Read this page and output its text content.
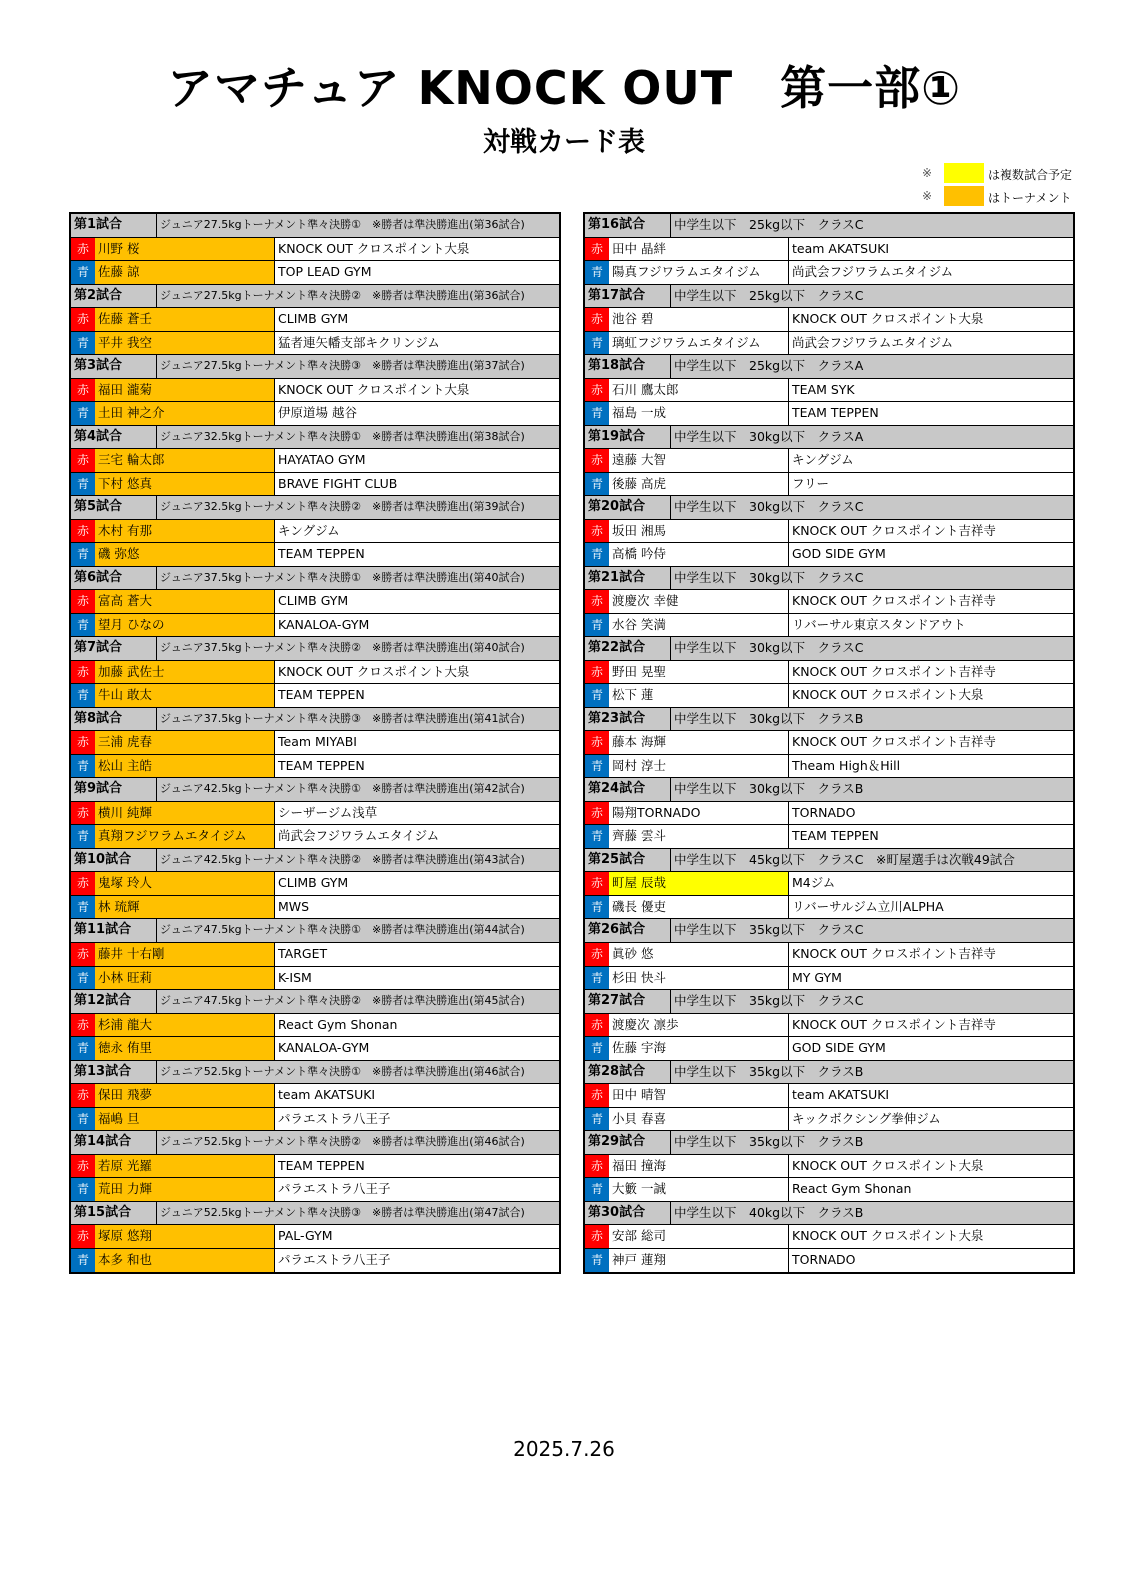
アマチュア KNOCK OUT　第一部①
対戦カード表
※	は複数試合予定
※	はトーナメント
第1試合	ジュニア27.5kgトーナメント準々決勝①　※勝者は準決勝進出(第36試合)
赤 川野 桜	KNOCK OUT クロスポイント大泉
青 佐藤 諒	TOP LEAD GYM
第2試合	ジュニア27.5kgトーナメント準々決勝②　※勝者は準決勝進出(第36試合)
赤 佐藤 蒼壬	CLIMB GYM
青 平井 我空	猛者連矢幡支部キクリンジム
第3試合	ジュニア27.5kgトーナメント準々決勝③　※勝者は準決勝進出(第37試合)
赤 福田 瀧菊	KNOCK OUT クロスポイント大泉
青 土田 神之介	伊原道場 越谷
第4試合	ジュニア32.5kgトーナメント準々決勝①　※勝者は準決勝進出(第38試合)
赤 三宅 輪太郎	HAYATAO GYM
青 下村 悠真	BRAVE FIGHT CLUB
第5試合	ジュニア32.5kgトーナメント準々決勝②　※勝者は準決勝進出(第39試合)
赤 木村 有那	キングジム
青 磯 弥悠	TEAM TEPPEN
第6試合	ジュニア37.5kgトーナメント準々決勝①　※勝者は準決勝進出(第40試合)
赤 富高 蒼大	CLIMB GYM
青 望月 ひなの	KANALOA-GYM
第7試合	ジュニア37.5kgトーナメント準々決勝②　※勝者は準決勝進出(第40試合)
赤 加藤 武佐士	KNOCK OUT クロスポイント大泉
青 牛山 敢太	TEAM TEPPEN
第8試合	ジュニア37.5kgトーナメント準々決勝③　※勝者は準決勝進出(第41試合)
赤 三浦 虎春	Team MIYABI
青 松山 主皓	TEAM TEPPEN
第9試合	ジュニア42.5kgトーナメント準々決勝①　※勝者は準決勝進出(第42試合)
赤 横川 純輝	シーザージム浅草
青 真翔フジワラムエタイジム	尚武会フジワラムエタイジム
第10試合	ジュニア42.5kgトーナメント準々決勝②　※勝者は準決勝進出(第43試合)
赤 鬼塚 玲人	CLIMB GYM
青 林 琉輝	MWS
第11試合	ジュニア47.5kgトーナメント準々決勝①　※勝者は準決勝進出(第44試合)
赤 藤井 十右剛	TARGET
青 小林 旺莉	K-ISM
第12試合	ジュニア47.5kgトーナメント準々決勝②　※勝者は準決勝進出(第45試合)
赤 杉浦 龍大	React Gym Shonan
青 徳永 侑里	KANALOA-GYM
第13試合	ジュニア52.5kgトーナメント準々決勝①　※勝者は準決勝進出(第46試合)
赤 保田 飛夢	team AKATSUKI
青 福嶋 旦	パラエストラ八王子
第14試合	ジュニア52.5kgトーナメント準々決勝②　※勝者は準決勝進出(第46試合)
赤 若原 光羅	TEAM TEPPEN
青 荒田 力輝	パラエストラ八王子
第15試合	ジュニア52.5kgトーナメント準々決勝③　※勝者は準決勝進出(第47試合)
赤 塚原 悠翔	PAL-GYM
青 本多 和也	パラエストラ八王子
第16試合	中学生以下　25kg以下　クラスC
赤 田中 晶絆	team AKATSUKI
青 陽真フジワラムエタイジム	尚武会フジワラムエタイジム
第17試合	中学生以下　25kg以下　クラスC
赤 池谷 碧	KNOCK OUT クロスポイント大泉
青 璃虹フジワラムエタイジム	尚武会フジワラムエタイジム
第18試合	中学生以下　25kg以下　クラスA
赤 石川 鷹太郎	TEAM SYK
青 福島 一成	TEAM TEPPEN
第19試合	中学生以下　30kg以下　クラスA
赤 遠藤 大智	キングジム
青 後藤 高虎	フリー
第20試合	中学生以下　30kg以下　クラスC
赤 坂田 湘馬	KNOCK OUT クロスポイント吉祥寺
青 高橋 吟侍	GOD SIDE GYM
第21試合	中学生以下　30kg以下　クラスC
赤 渡慶次 幸健	KNOCK OUT クロスポイント吉祥寺
青 水谷 笑満	リバーサル東京スタンドアウト
第22試合	中学生以下　30kg以下　クラスC
赤 野田 晃聖	KNOCK OUT クロスポイント吉祥寺
青 松下 蓮	KNOCK OUT クロスポイント大泉
第23試合	中学生以下　30kg以下　クラスB
赤 藤本 海輝	KNOCK OUT クロスポイント吉祥寺
青 岡村 淳士	Theam High＆Hill
第24試合	中学生以下　30kg以下　クラスB
赤 陽翔TORNADO	TORNADO
青 齊藤 雲斗	TEAM TEPPEN
第25試合	中学生以下　45kg以下　クラスC　※町屋選手は次戦49試合
赤 町屋 辰哉	M4ジム
青 磯長 優吏	リバーサルジム立川ALPHA
第26試合	中学生以下　35kg以下　クラスC
赤 眞砂 悠	KNOCK OUT クロスポイント吉祥寺
青 杉田 快斗	MY GYM
第27試合	中学生以下　35kg以下　クラスC
赤 渡慶次 凛歩	KNOCK OUT クロスポイント吉祥寺
青 佐藤 宇海	GOD SIDE GYM
第28試合	中学生以下　35kg以下　クラスB
赤 田中 晴智	team AKATSUKI
青 小貝 春喜	キックボクシング拳伸ジム
第29試合	中学生以下　35kg以下　クラスB
赤 福田 撞海	KNOCK OUT クロスポイント大泉
青 大籔 一誠	React Gym Shonan
第30試合	中学生以下　40kg以下　クラスB
赤 安部 総司	KNOCK OUT クロスポイント大泉
青 神戸 蓮翔	TORNADO
2025.7.26
